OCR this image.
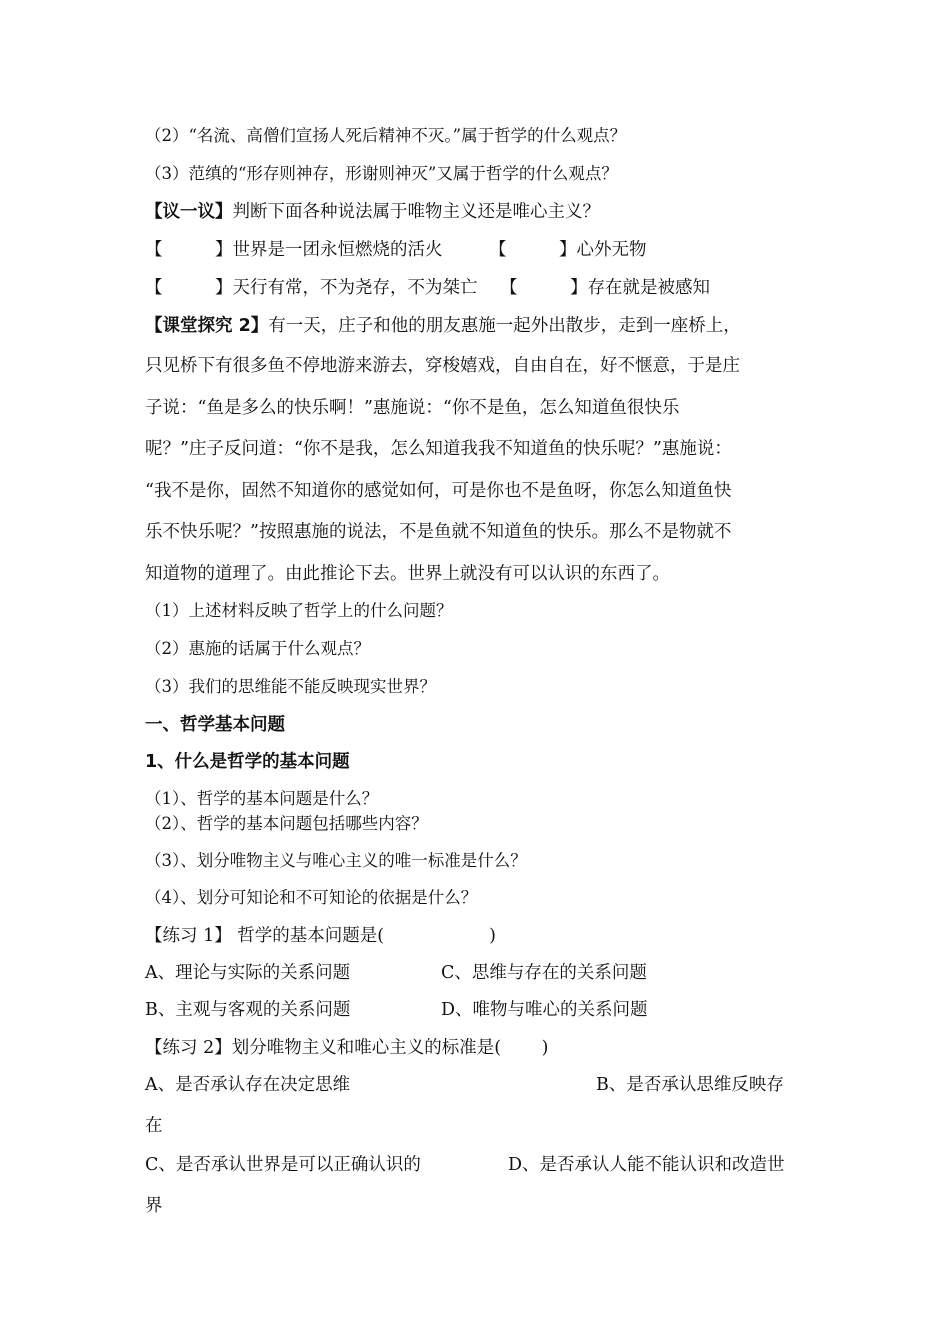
（2）“名流、高僧们宣扬人死后精神不灭。”属于哲学的什么观点？
（3）范缜的“形存则神存，形谢则神灭”又属于哲学的什么观点？
【议一议】判断下面各种说法属于唯物主义还是唯心主义？
【　　　】世界是一团永恒燃烧的活火	【　　　】心外无物
【　　　】天行有常，不为尧存，不为桀亡 【　　　】存在就是被感知
【课堂探究 2】有一天，庄子和他的朋友惠施一起外出散步，走到一座桥上，
只见桥下有很多鱼不停地游来游去，穿梭嬉戏，自由自在，好不惬意，于是庄
子说：“鱼是多么的快乐啊！”惠施说：“你不是鱼，怎么知道鱼很快乐
呢？”庄子反问道：“你不是我，怎么知道我我不知道鱼的快乐呢？”惠施说：
“我不是你，固然不知道你的感觉如何，可是你也不是鱼呀，你怎么知道鱼快
乐不快乐呢？”按照惠施的说法，不是鱼就不知道鱼的快乐。那么不是物就不
知道物的道理了。由此推论下去。世界上就没有可以认识的东西了。
（1）上述材料反映了哲学上的什么问题？
（2）惠施的话属于什么观点？
（3）我们的思维能不能反映现实世界？
一、哲学基本问题
1、什么是哲学的基本问题
（1）、哲学的基本问题是什么？
（2）、哲学的基本问题包括哪些内容？
（3）、划分唯物主义与唯心主义的唯一标准是什么？
（4）、划分可知论和不可知论的依据是什么？
【练习 1】 哲学的基本问题是(　　　　　　)
A、理论与实际的关系问题	C、思维与存在的关系问题
B、主观与客观的关系问题	D、唯物与唯心的关系问题
【练习 2】划分唯物主义和唯心主义的标准是(　　 )
A、是否承认存在决定思维	B、是否承认思维反映存
在
C、是否承认世界是可以正确认识的	D、是否承认人能不能认识和改造世
界
